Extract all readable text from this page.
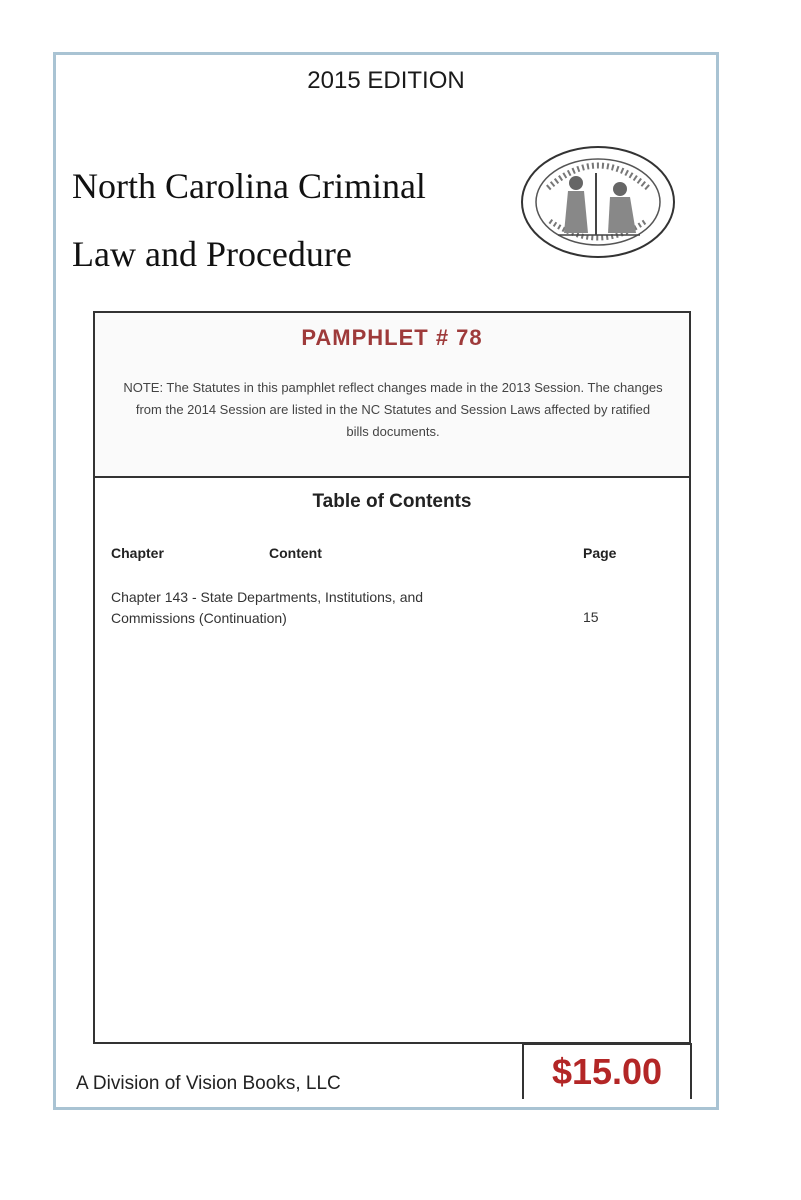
2015 EDITION
North Carolina Criminal
Law and Procedure
PAMPHLET # 78
NOTE: The Statutes in this pamphlet reflect changes made in the 2013 Session. The changes from the 2014 Session are listed in the NC Statutes and Session Laws affected by ratified bills documents.
Table of Contents
Chapter	Content	Page
Chapter 143 - State Departments, Institutions, and Commissions (Continuation)	15
$15.00
A Division of Vision Books, LLC
